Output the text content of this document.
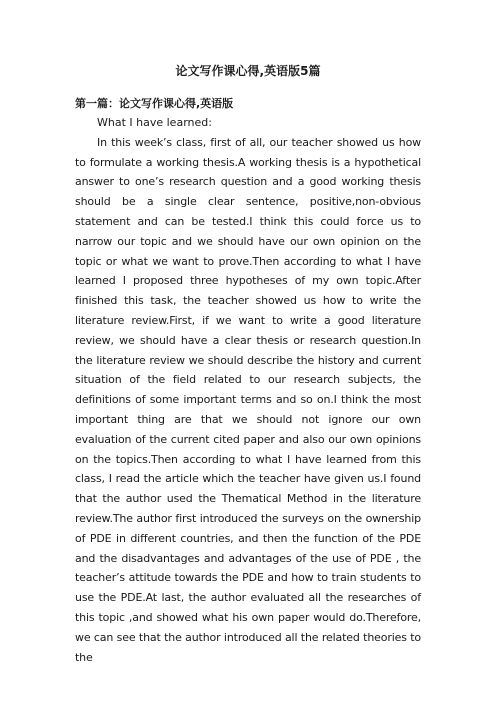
论文写作课心得,英语版5篇
第一篇：论文写作课心得,英语版

What I have learned:

In this week’s class, first of all, our teacher showed us how to formulate a working thesis.A working thesis is a hypothetical answer to one’s research question and a good working thesis should be a single clear sentence, positive,non-obvious statement and can be tested.I think this could force us to narrow our topic and we should have our own opinion on the topic or what we want to prove.Then according to what I have learned I proposed three hypotheses of my own topic.After finished this task, the teacher showed us how to write the literature review.First, if we want to write a good literature review, we should have a clear thesis or research question.In the literature review we should describe the history and current situation of the field related to our research subjects, the definitions of some important terms and so on.I think the most important thing are that we should not ignore our own evaluation of the current cited paper and also our own opinions on the topics.Then according to what I have learned from this class, I read the article which the teacher have given us.I found that the author used the Thematical Method in the literature review.The author first introduced the surveys on the ownership of PDE in different countries, and then the function of the PDE and the disadvantages and advantages of the use of PDE , the teacher’s attitude towards the PDE and how to train students to use the PDE.At last, the author evaluated all the researches of this topic ,and showed what his own paper would do.Therefore, we can see that the author introduced all the related theories to the
